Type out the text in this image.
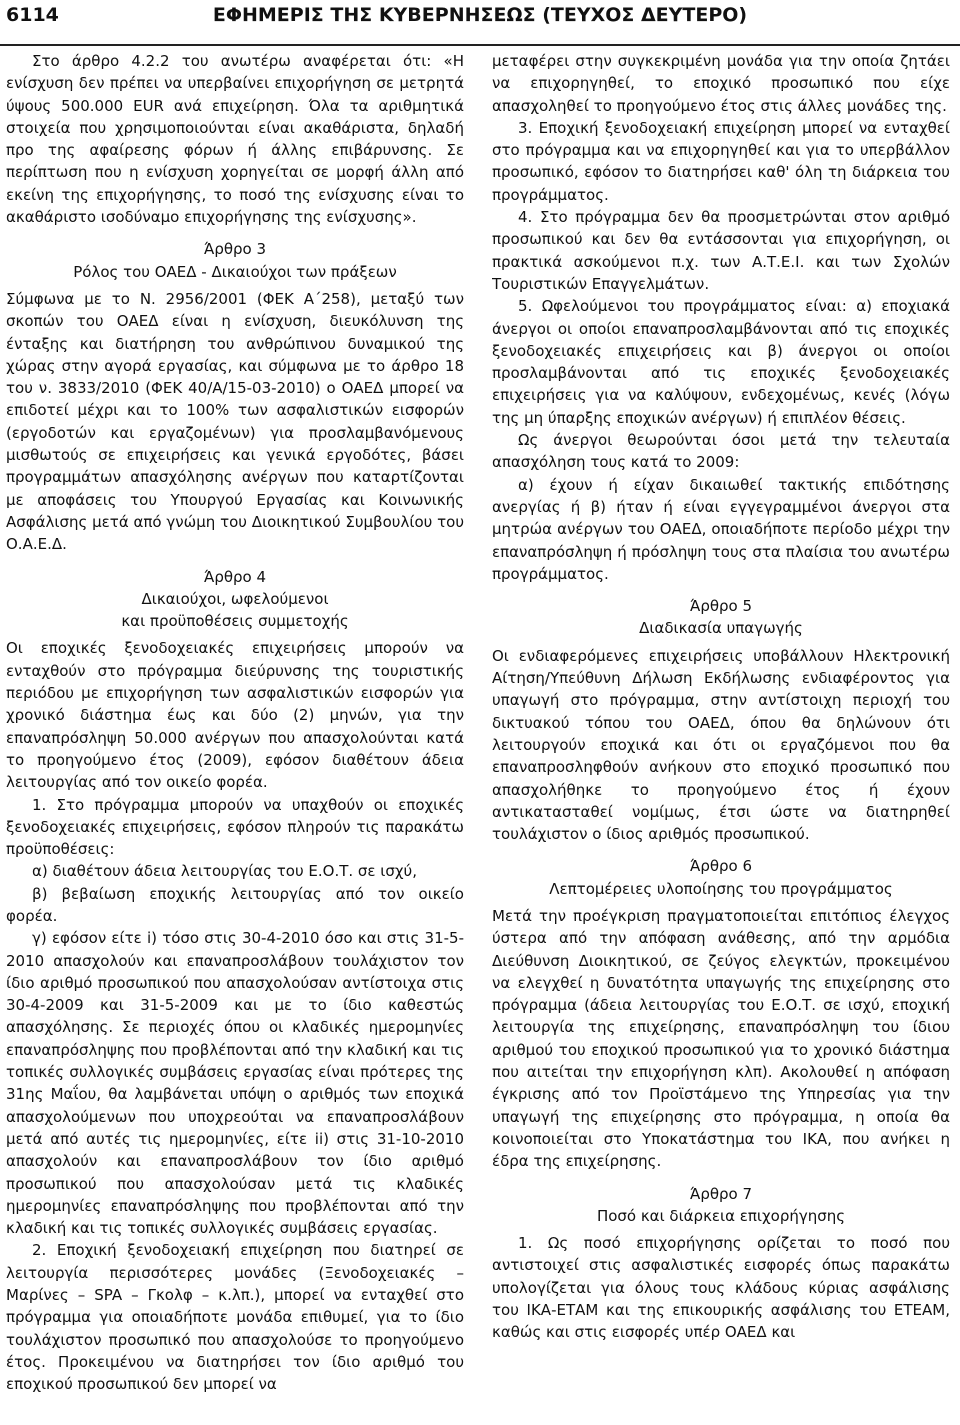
6114	ΕΦΗΜΕΡΙΣ ΤΗΣ ΚΥΒΕΡΝΗΣΕΩΣ (ΤΕΥΧΟΣ ΔΕΥΤΕΡΟ)

Στο άρθρο 4.2.2 του ανωτέρω αναφέρεται ότι: «Η ενίσχυση δεν πρέπει να υπερβαίνει επιχορήγηση σε μετρητά ύψους 500.000 EUR ανά επιχείρηση. Όλα τα αριθμητικά στοιχεία που χρησιμοποιούνται είναι ακαθάριστα, δηλαδή προ της αφαίρεσης φόρων ή άλλης επιβάρυνσης. Σε περίπτωση που η ενίσχυση χορηγείται σε μορφή άλλη από εκείνη της επιχορήγησης, το ποσό της ενίσχυσης είναι το ακαθάριστο ισοδύναμο επιχορήγησης της ενίσχυσης».

Άρθρο 3

Ρόλος του ΟΑΕΔ - Δικαιούχοι των πράξεων

Σύμφωνα με το Ν. 2956/2001 (ΦΕΚ Α΄258), μεταξύ των σκοπών του ΟΑΕΔ είναι η ενίσχυση, διευκόλυνση της ένταξης και διατήρηση του ανθρώπινου δυναμικού της χώρας στην αγορά εργασίας, και σύμφωνα με το άρθρο 18 του ν. 3833/2010 (ΦΕΚ 40/Α/15-03-2010) ο ΟΑΕΔ μπορεί να επιδοτεί μέχρι και το 100% των ασφαλιστικών εισφορών (εργοδοτών και εργαζομένων) για προσλαμβανόμενους μισθωτούς σε επιχειρήσεις και γενικά εργοδότες, βάσει προγραμμάτων απασχόλησης ανέργων που καταρτίζονται με αποφάσεις του Υπουργού Εργασίας και Κοινωνικής Ασφάλισης μετά από γνώμη του Διοικητικού Συμβουλίου του Ο.Α.Ε.Δ.

Άρθρο 4

Δικαιούχοι, ωφελούμενοι

και προϋποθέσεις συμμετοχής

Οι εποχικές ξενοδοχειακές επιχειρήσεις μπορούν να ενταχθούν στο πρόγραμμα διεύρυνσης της τουριστικής περιόδου με επιχορήγηση των ασφαλιστικών εισφορών για χρονικό διάστημα έως και δύο (2) μηνών, για την επαναπρόσληψη 50.000 ανέργων που απασχολούνται κατά το προηγούμενο έτος (2009), εφόσον διαθέτουν άδεια λειτουργίας από τον οικείο φορέα.

1. Στο πρόγραμμα μπορούν να υπαχθούν οι εποχικές ξενοδοχειακές επιχειρήσεις, εφόσον πληρούν τις παρακάτω προϋποθέσεις:

α) διαθέτουν άδεια λειτουργίας του Ε.Ο.Τ. σε ισχύ,

β) βεβαίωση εποχικής λειτουργίας από τον οικείο φορέα.

γ) εφόσον είτε i) τόσο στις 30-4-2010 όσο και στις 31-5-2010 απασχολούν και επαναπροσλάβουν τουλάχιστον τον ίδιο αριθμό προσωπικού που απασχολούσαν αντίστοιχα στις 30-4-2009 και 31-5-2009 και με το ίδιο καθεστώς απασχόλησης. Σε περιοχές όπου οι κλαδικές ημερομηνίες επαναπρόσληψης που προβλέπονται από την κλαδική και τις τοπικές συλλογικές συμβάσεις εργασίας είναι πρότερες της 31ης Μαΐου, θα λαμβάνεται υπόψη ο αριθμός των εποχικά απασχολούμενων που υποχρεούται να επαναπροσλάβουν μετά από αυτές τις ημερομηνίες, είτε ii) στις 31-10-2010 απασχολούν και επαναπροσλάβουν τον ίδιο αριθμό προσωπικού που απασχολούσαν μετά τις κλαδικές ημερομηνίες επαναπρόσληψης που προβλέπονται από την κλαδική και τις τοπικές συλλογικές συμβάσεις εργασίας.

2. Εποχική ξενοδοχειακή επιχείρηση που διατηρεί σε λειτουργία περισσότερες μονάδες (Ξενοδοχειακές – Μαρίνες – SPA – Γκολφ – κ.λπ.), μπορεί να ενταχθεί στο πρόγραμμα για οποιαδήποτε μονάδα επιθυμεί, για το ίδιο τουλάχιστον προσωπικό που απασχολούσε το προηγούμενο έτος. Προκειμένου να διατηρήσει τον ίδιο αριθμό του εποχικού προσωπικού δεν μπορεί να

μεταφέρει στην συγκεκριμένη μονάδα για την οποία ζητάει να επιχορηγηθεί, το εποχικό προσωπικό που είχε απασχοληθεί το προηγούμενο έτος στις άλλες μονάδες της.

3. Εποχική ξενοδοχειακή επιχείρηση μπορεί να ενταχθεί στο πρόγραμμα και να επιχορηγηθεί και για το υπερβάλλον προσωπικό, εφόσον το διατηρήσει καθ' όλη τη διάρκεια του προγράμματος.

4. Στο πρόγραμμα δεν θα προσμετρώνται στον αριθμό προσωπικού και δεν θα εντάσσονται για επιχορήγηση, οι πρακτικά ασκούμενοι π.χ. των Α.Τ.Ε.Ι. και των Σχολών Τουριστικών Επαγγελμάτων.

5. Ωφελούμενοι του προγράμματος είναι: α) εποχιακά άνεργοι οι οποίοι επαναπροσλαμβάνονται από τις εποχικές ξενοδοχειακές επιχειρήσεις και β) άνεργοι οι οποίοι προσλαμβάνονται από τις εποχικές ξενοδοχειακές επιχειρήσεις για να καλύψουν, ενδεχομένως, κενές (λόγω της μη ύπαρξης εποχικών ανέργων) ή επιπλέον θέσεις.

Ως άνεργοι θεωρούνται όσοι μετά την τελευταία απασχόληση τους κατά το 2009:

α) έχουν ή είχαν δικαιωθεί τακτικής επιδότησης ανεργίας ή β) ήταν ή είναι εγγεγραμμένοι άνεργοι στα μητρώα ανέργων του ΟΑΕΔ, οποιαδήποτε περίοδο μέχρι την επαναπρόσληψη ή πρόσληψη τους στα πλαίσια του ανωτέρω προγράμματος.

Άρθρο 5

Διαδικασία υπαγωγής

Οι ενδιαφερόμενες επιχειρήσεις υποβάλλουν Ηλεκτρονική Αίτηση/Υπεύθυνη Δήλωση Εκδήλωσης ενδιαφέροντος για υπαγωγή στο πρόγραμμα, στην αντίστοιχη περιοχή του δικτυακού τόπου του ΟΑΕΔ, όπου θα δηλώνουν ότι λειτουργούν εποχικά και ότι οι εργαζόμενοι που θα επαναπροσληφθούν ανήκουν στο εποχικό προσωπικό που απασχολήθηκε το προηγούμενο έτος ή έχουν αντικατασταθεί νομίμως, έτσι ώστε να διατηρηθεί τουλάχιστον ο ίδιος αριθμός προσωπικού.

Άρθρο 6

Λεπτομέρειες υλοποίησης του προγράμματος

Μετά την προέγκριση πραγματοποιείται επιτόπιος έλεγχος ύστερα από την απόφαση ανάθεσης, από την αρμόδια Διεύθυνση Διοικητικού, σε ζεύγος ελεγκτών, προκειμένου να ελεγχθεί η δυνατότητα υπαγωγής της επιχείρησης στο πρόγραμμα (άδεια λειτουργίας του Ε.Ο.Τ. σε ισχύ, εποχική λειτουργία της επιχείρησης, επαναπρόσληψη του ίδιου αριθμού του εποχικού προσωπικού για το χρονικό διάστημα που αιτείται την επιχορήγηση κλπ). Ακολουθεί η απόφαση έγκρισης από τον Προϊστάμενο της Υπηρεσίας για την υπαγωγή της επιχείρησης στο πρόγραμμα, η οποία θα κοινοποιείται στο Υποκατάστημα του ΙΚΑ, που ανήκει η έδρα της επιχείρησης.

Άρθρο 7

Ποσό και διάρκεια επιχορήγησης

1. Ως ποσό επιχορήγησης ορίζεται το ποσό που αντιστοιχεί στις ασφαλιστικές εισφορές όπως παρακάτω υπολογίζεται για όλους τους κλάδους κύριας ασφάλισης του ΙΚΑ-ΕΤΑΜ και της επικουρικής ασφάλισης του ΕΤΕΑΜ, καθώς και στις εισφορές υπέρ ΟΑΕΔ και
